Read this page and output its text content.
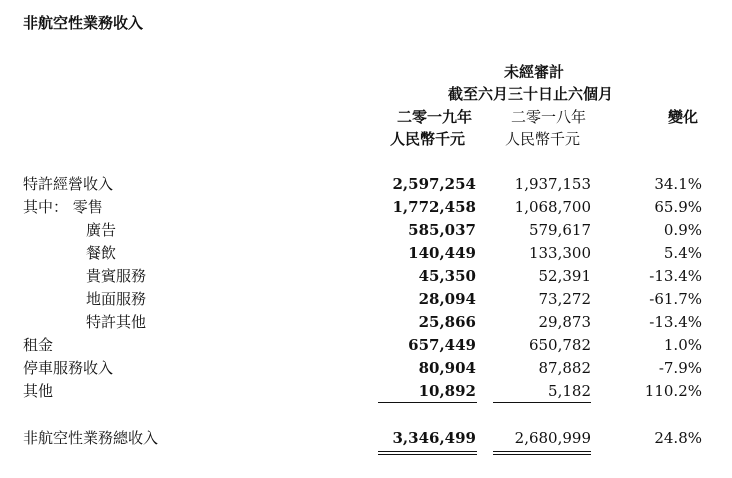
非航空性業務收入
未經審計
截至六月三十日止六個月
二零一九年
人民幣千元
二零一八年
人民幣千元
變化
特許經營收入
其中： 零售
廣告
餐飲
貴賓服務
地面服務
特許其他
租金
停車服務收入
其他
非航空性業務總收入
2,597,254
1,772,458
585,037
140,449
45,350
28,094
25,866
657,449
80,904
10,892
3,346,499
1,937,153
1,068,700
579,617
133,300
52,391
73,272
29,873
650,782
87,882
5,182
2,680,999
34.1%
65.9%
0.9%
5.4%
-13.4%
-61.7%
-13.4%
1.0%
-7.9%
110.2%
24.8%
